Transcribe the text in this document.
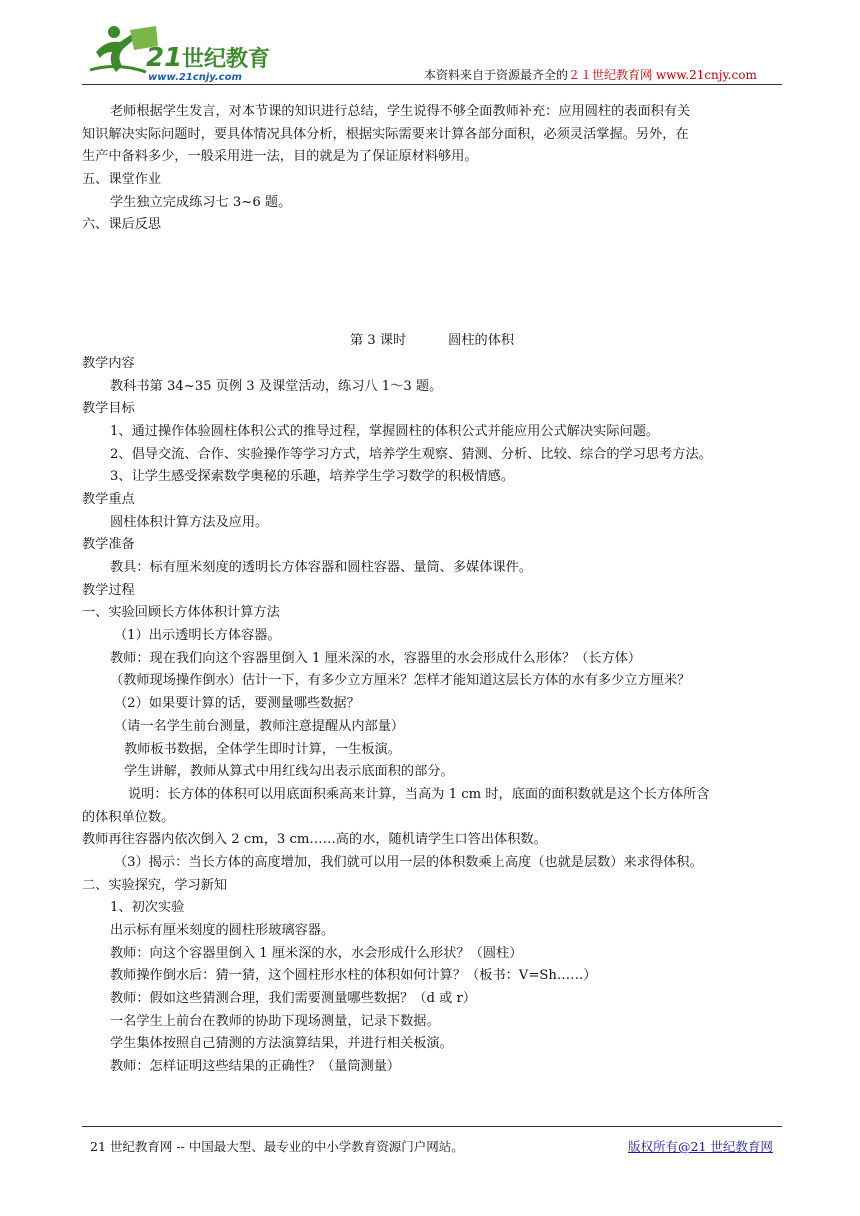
21 世纪教育
www.21cnjy.com	本资料来自于资源最齐全的２１世纪教育网 www.21cnjy.com
老师根据学生发言，对本节课的知识进行总结，学生说得不够全面教师补充：应用圆柱的表面积有关
知识解决实际问题时，要具体情况具体分析，根据实际需要来计算各部分面积，必须灵活掌握。另外，在
生产中备料多少，一般采用进一法，目的就是为了保证原材料够用。
五、课堂作业
学生独立完成练习七 3~6 题。
六、课后反思
第 3 课时          圆柱的体积
教学内容
教科书第 34~35 页例 3 及课堂活动，练习八 1～3 题。
教学目标
1、通过操作体验圆柱体积公式的推导过程，掌握圆柱的体积公式并能应用公式解决实际问题。
2、倡导交流、合作、实验操作等学习方式，培养学生观察、猜测、分析、比较、综合的学习思考方法。
3、让学生感受探索数学奥秘的乐趣，培养学生学习数学的积极情感。
教学重点
圆柱体积计算方法及应用。
教学准备
教具：标有厘米刻度的透明长方体容器和圆柱容器、量筒、多媒体课件。
教学过程
一、实验回顾长方体体积计算方法
（1）出示透明长方体容器。
教师：现在我们向这个容器里倒入 1 厘米深的水，容器里的水会形成什么形体？（长方体）
（教师现场操作倒水）估计一下，有多少立方厘米？怎样才能知道这层长方体的水有多少立方厘米？
（2）如果要计算的话，要测量哪些数据？
（请一名学生前台测量，教师注意提醒从内部量）
教师板书数据，全体学生即时计算，一生板演。
学生讲解，教师从算式中用红线勾出表示底面积的部分。
说明：长方体的体积可以用底面积乘高来计算，当高为 1 cm 时，底面的面积数就是这个长方体所含
的体积单位数。
教师再往容器内依次倒入 2 cm，3 cm……高的水，随机请学生口答出体积数。
（3）揭示：当长方体的高度增加，我们就可以用一层的体积数乘上高度（也就是层数）来求得体积。
二、实验探究，学习新知
1、初次实验
出示标有厘米刻度的圆柱形玻璃容器。
教师：向这个容器里倒入 1 厘米深的水，水会形成什么形状？（圆柱）
教师操作倒水后：猜一猜，这个圆柱形水柱的体积如何计算？（板书：V=Sh……）
教师：假如这些猜测合理，我们需要测量哪些数据？（d 或 r）
一名学生上前台在教师的协助下现场测量，记录下数据。
学生集体按照自己猜测的方法演算结果，并进行相关板演。
教师：怎样证明这些结果的正确性？（量筒测量）
21 世纪教育网 -- 中国最大型、最专业的中小学教育资源门户网站。	版权所有@21 世纪教育网
